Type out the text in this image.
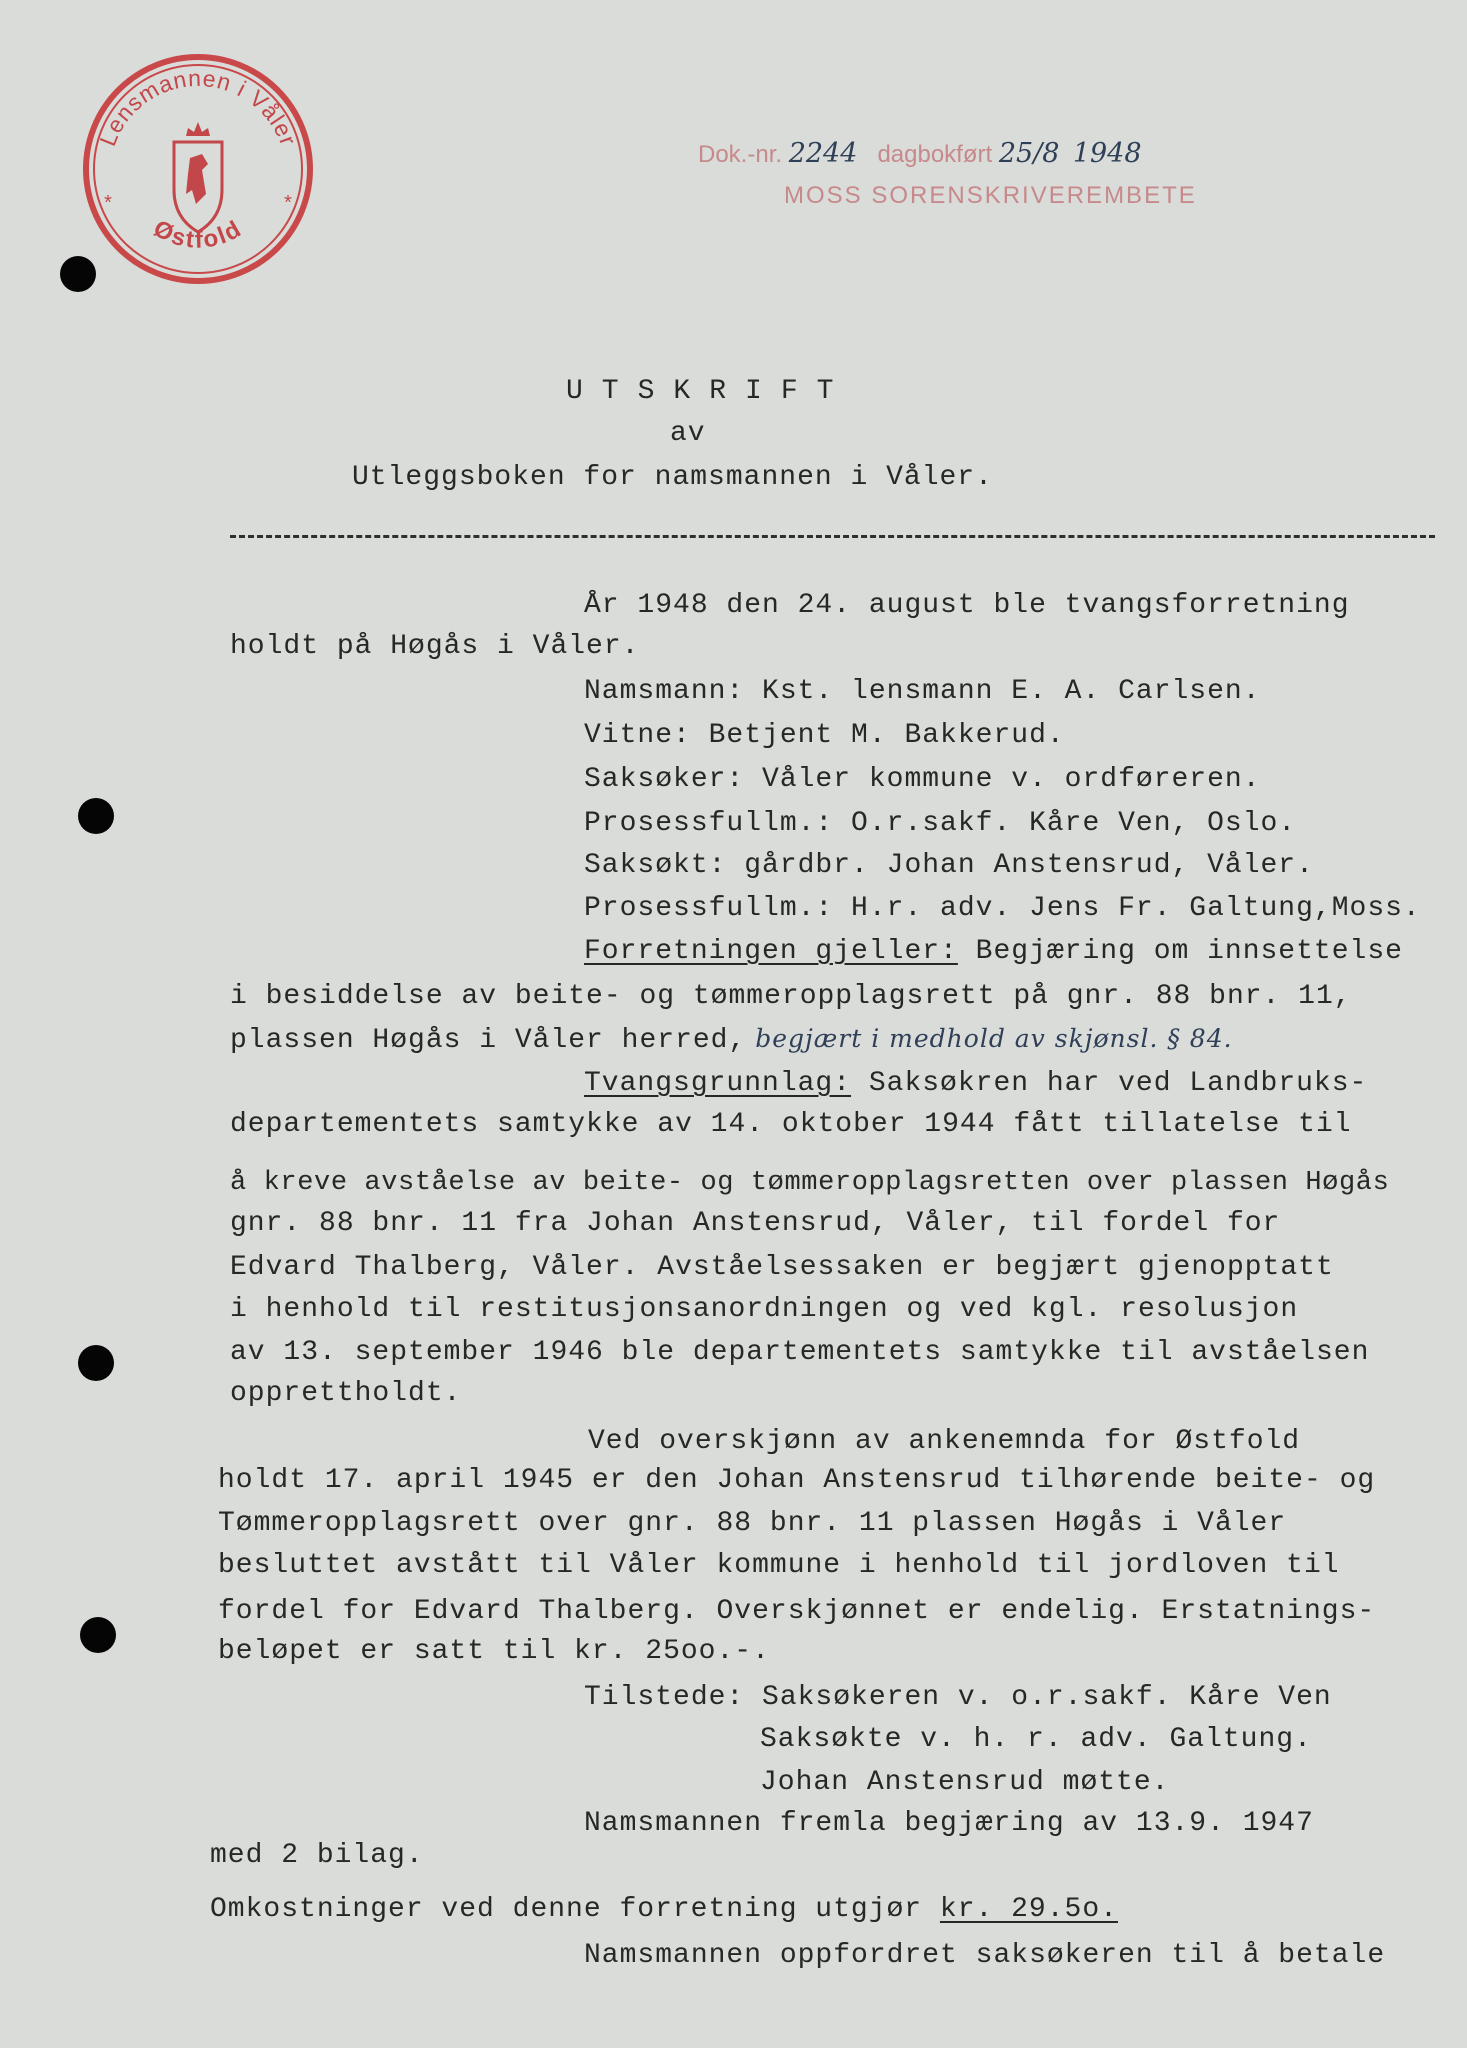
Lensmannen i Våler
Østfold
*	*
Dok.-nr. 2244 dagbokført 25/8 1948
MOSS SORENSKRIVEREMBETE
UTSKRIFT
av
Utleggsboken for namsmannen i Våler.
År 1948 den 24. august ble tvangsforretning
holdt på Høgås i Våler.
Namsmann: Kst. lensmann E. A. Carlsen.
Vitne: Betjent M. Bakkerud.
Saksøker: Våler kommune v. ordføreren.
Prosessfullm.: O.r.sakf. Kåre Ven, Oslo.
Saksøkt: gårdbr. Johan Anstensrud, Våler.
Prosessfullm.: H.r. adv. Jens Fr. Galtung,Moss.
Forretningen gjeller: Begjæring om innsettelse
i besiddelse av beite- og tømmeropplagsrett på gnr. 88 bnr. 11,
plassen Høgås i Våler herred, begjært i medhold av skjønsl. § 84.
Tvangsgrunnlag: Saksøkren har ved Landbruks-
departementets samtykke av 14. oktober 1944 fått tillatelse til
å kreve avståelse av beite- og tømmeropplagsretten over plassen Høgås
gnr. 88 bnr. 11 fra Johan Anstensrud, Våler, til fordel for
Edvard Thalberg, Våler. Avståelsessaken er begjært gjenopptatt
i henhold til restitusjonsanordningen og ved kgl. resolusjon
av 13. september 1946 ble departementets samtykke til avståelsen
opprettholdt.
Ved overskjønn av ankenemnda for Østfold
holdt 17. april 1945 er den Johan Anstensrud tilhørende beite- og
Tømmeropplagsrett over gnr. 88 bnr. 11 plassen Høgås i Våler
besluttet avstått til Våler kommune i henhold til jordloven til
fordel for Edvard Thalberg. Overskjønnet er endelig. Erstatnings-
beløpet er satt til kr. 25oo.-.
Tilstede: Saksøkeren v. o.r.sakf. Kåre Ven
Saksøkte v. h. r. adv. Galtung.
Johan Anstensrud møtte.
Namsmannen fremla begjæring av 13.9. 1947
med 2 bilag.
Omkostninger ved denne forretning utgjør kr. 29.5o.
Namsmannen oppfordret saksøkeren til å betale
